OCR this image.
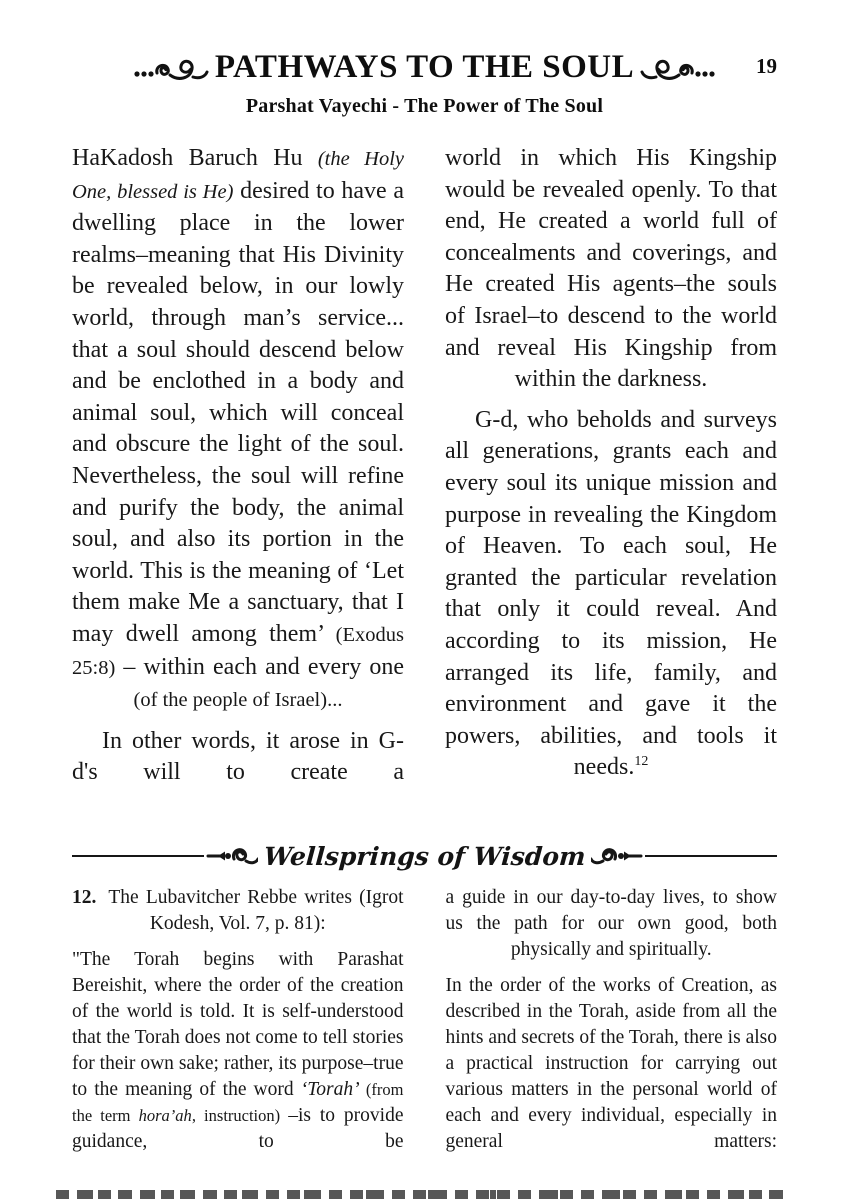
PATHWAYS TO THE SOUL	19
Parshat Vayechi - The Power of The Soul

HaKadosh Baruch Hu (the Holy One, blessed is He) desired to have a dwelling place in the lower realms–meaning that His Divinity be revealed below, in our lowly world, through man’s service... that a soul should descend below and be enclothed in a body and animal soul, which will conceal and obscure the light of the soul. Nevertheless, the soul will refine and purify the body, the animal soul, and also its portion in the world. This is the meaning of ‘Let them make Me a sanctuary, that I may dwell among them’ (Exodus 25:8) – within each and every one (of the people of Israel)...

In other words, it arose in G-d's will to create a

world in which His Kingship would be revealed openly. To that end, He created a world full of concealments and coverings, and He created His agents–the souls of Israel–to descend to the world and reveal His Kingship from within the darkness.

G-d, who beholds and surveys all generations, grants each and every soul its unique mission and purpose in revealing the Kingdom of Heaven. To each soul, He granted the particular revelation that only it could reveal. And according to its mission, He arranged its life, family, and environment and gave it the powers, abilities, and tools it needs.$^{12}$

Wellsprings of Wisdom

12. The Lubavitcher Rebbe writes (Igrot Kodesh, Vol. 7, p. 81):

"The Torah begins with Parashat Bereishit, where the order of the creation of the world is told. It is self-understood that the Torah does not come to tell stories for their own sake; rather, its purpose–true to the meaning of the word ‘Torah’ (from the term hora’ah, instruction) –is to provide guidance, to be

a guide in our day-to-day lives, to show us the path for our own good, both physically and spiritually.

In the order of the works of Creation, as described in the Torah, aside from all the hints and secrets of the Torah, there is also a practical instruction for carrying out various matters in the personal world of each and every individual, especially in general matters:
